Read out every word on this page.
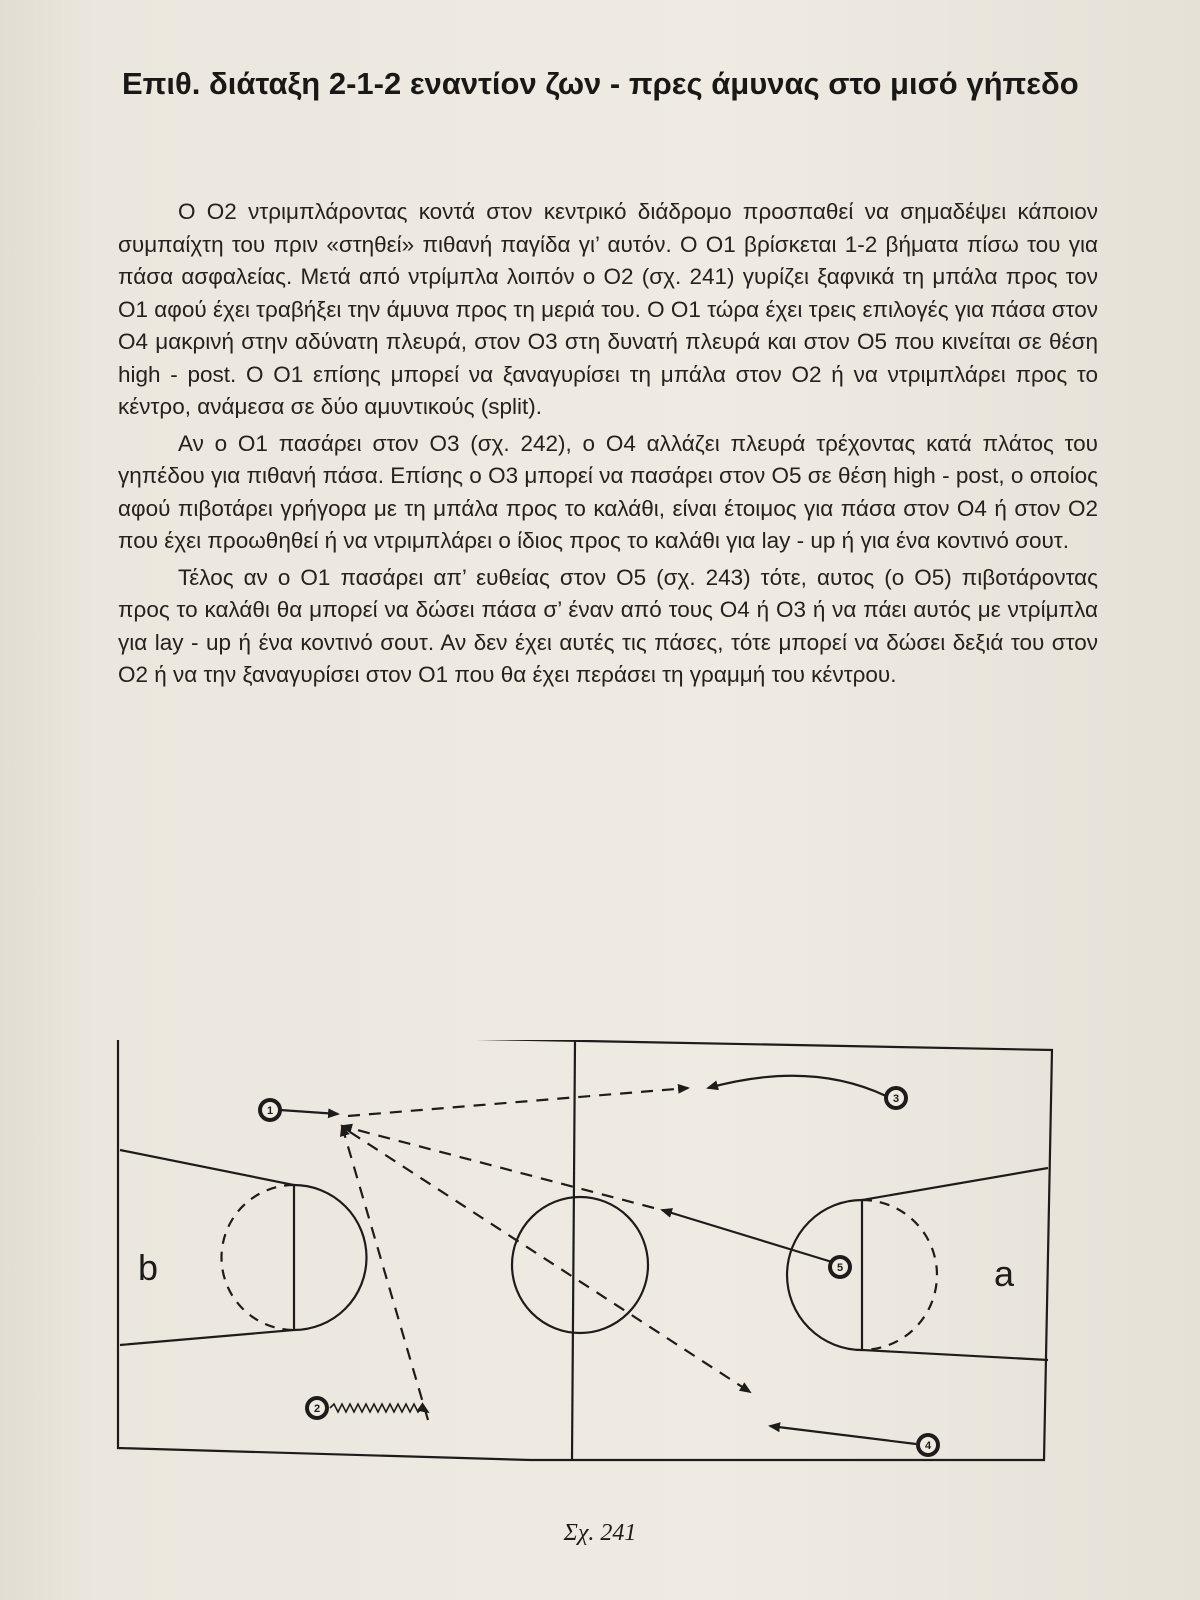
Επιθ. διάταξη 2-1-2 εναντίον ζων - πρες άμυνας στο μισό γήπεδο

Ο Ο2 ντριμπλάροντας κοντά στον κεντρικό διάδρομο προσπαθεί να σημαδέψει κάποιον συμπαίχτη του πριν «στηθεί» πιθανή παγίδα γι’ αυτόν. Ο Ο1 βρίσκεται 1-2 βήματα πίσω του για πάσα ασφαλείας. Μετά από ντρίμπλα λοιπόν ο Ο2 (σχ. 241) γυρίζει ξαφνικά τη μπάλα προς τον Ο1 αφού έχει τραβήξει την άμυνα προς τη μεριά του. Ο Ο1 τώρα έχει τρεις επιλογές για πάσα στον Ο4 μακρινή στην αδύνατη πλευρά, στον Ο3 στη δυνατή πλευρά και στον Ο5 που κινείται σε θέση high - post. Ο Ο1 επίσης μπορεί να ξαναγυρίσει τη μπάλα στον Ο2 ή να ντριμπλάρει προς το κέντρο, ανάμεσα σε δύο αμυντικούς (split).

Αν ο Ο1 πασάρει στον Ο3 (σχ. 242), ο Ο4 αλλάζει πλευρά τρέχοντας κατά πλάτος του γηπέδου για πιθανή πάσα. Επίσης ο Ο3 μπορεί να πασάρει στον Ο5 σε θέση high - post, ο οποίος αφού πιβοτάρει γρήγορα με τη μπάλα προς το καλάθι, είναι έτοιμος για πάσα στον Ο4 ή στον Ο2 που έχει προωθηθεί ή να ντριμπλάρει ο ίδιος προς το καλάθι για lay - up ή για ένα κοντινό σουτ.

Τέλος αν ο Ο1 πασάρει απ’ ευθείας στον Ο5 (σχ. 243) τότε, αυτος (ο Ο5) πιβοτάροντας προς το καλάθι θα μπορεί να δώσει πάσα σ’ έναν από τους Ο4 ή Ο3 ή να πάει αυτός με ντρίμπλα για lay - up ή ένα κοντινό σουτ. Αν δεν έχει αυτές τις πάσες, τότε μπορεί να δώσει δεξιά του στον Ο2 ή να την ξαναγυρίσει στον Ο1 που θα έχει περάσει τη γραμμή του κέντρου.

b	a
1
2
3
4
5
Σχ. 241
